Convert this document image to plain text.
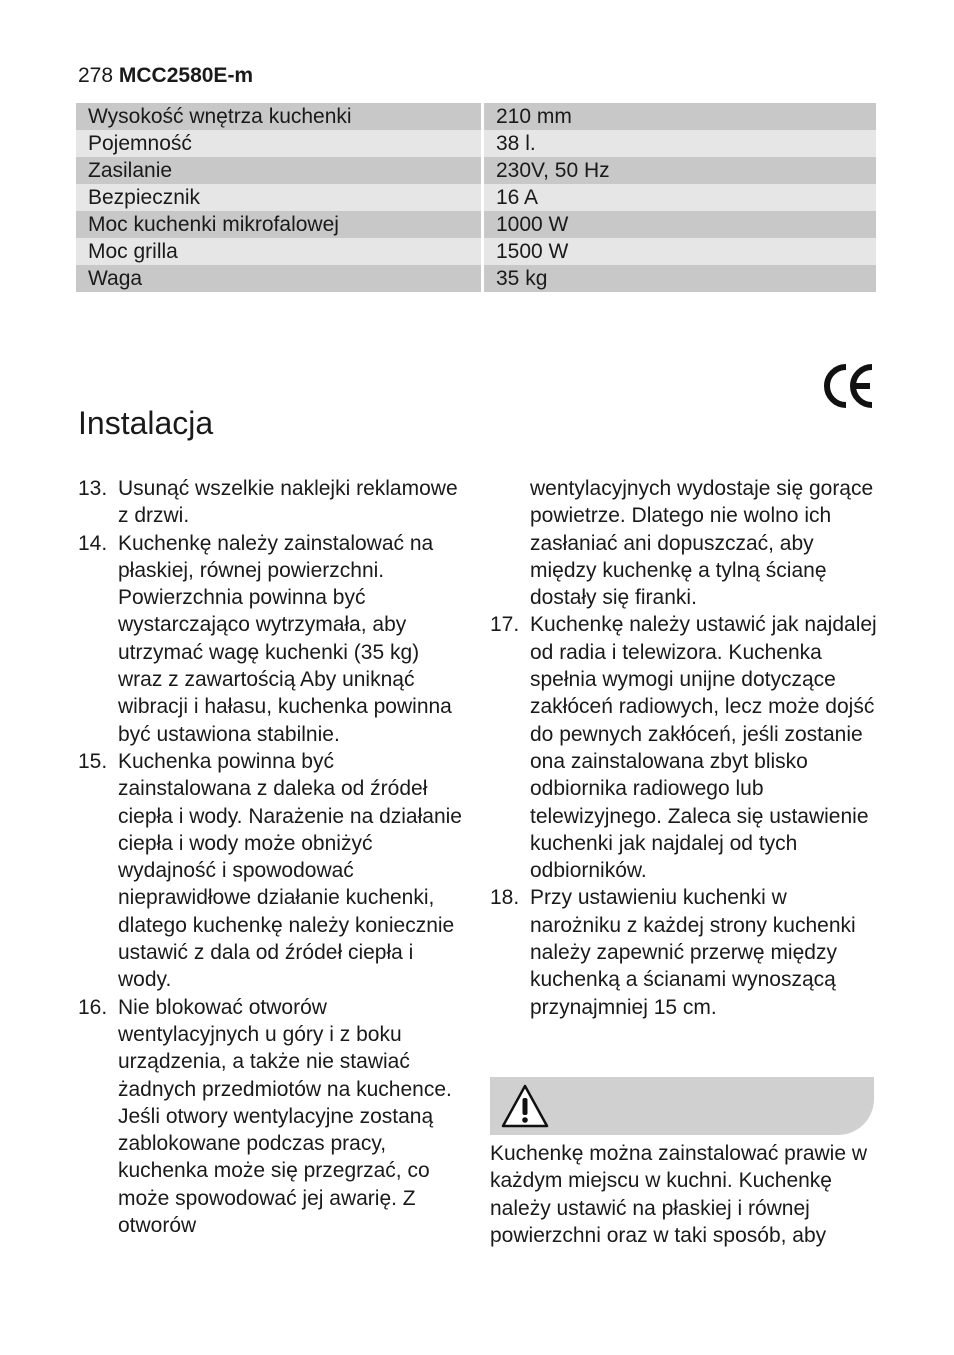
278 MCC2580E-m
Wysokość wnętrza kuchenki	210 mm
Pojemność	38 l.
Zasilanie	230V, 50 Hz
Bezpiecznik	16 A
Moc kuchenki mikrofalowej	1000 W
Moc grilla	1500 W
Waga	35 kg
Instalacja
13. Usunąć wszelkie naklejki reklamowe z drzwi.
14. Kuchenkę należy zainstalować na płaskiej, równej powierzchni. Powierzchnia powinna być wystarczająco wytrzymała, aby utrzymać wagę kuchenki (35 kg) wraz z zawartością Aby uniknąć wibracji i hałasu, kuchenka powinna być ustawiona stabilnie.
15. Kuchenka powinna być zainstalowana z daleka od źródeł ciepła i wody. Narażenie na działanie ciepła i wody może obniżyć wydajność i spowodować nieprawidłowe działanie kuchenki, dlatego kuchenkę należy koniecznie ustawić z dala od źródeł ciepła i wody.
16. Nie blokować otworów wentylacyjnych u góry i z boku urządzenia, a także nie stawiać żadnych przedmiotów na kuchence. Jeśli otwory wentylacyjne zostaną zablokowane podczas pracy, kuchenka może się przegrzać, co może spowodować jej awarię. Z otworów
wentylacyjnych wydostaje się gorące powietrze. Dlatego nie wolno ich zasłaniać ani dopuszczać, aby między kuchenkę a tylną ścianę dostały się firanki.
17. Kuchenkę należy ustawić jak najdalej od radia i telewizora. Kuchenka spełnia wymogi unijne dotyczące zakłóceń radiowych, lecz może dojść do pewnych zakłóceń, jeśli zostanie ona zainstalowana zbyt blisko odbiornika radiowego lub telewizyjnego. Zaleca się ustawienie kuchenki jak najdalej od tych odbiorników.
18. Przy ustawieniu kuchenki w narożniku z każdej strony kuchenki należy zapewnić przerwę między kuchenką a ścianami wynoszącą przynajmniej 15 cm.
Kuchenkę można zainstalować prawie w każdym miejscu w kuchni. Kuchenkę należy ustawić na płaskiej i równej powierzchni oraz w taki sposób, aby
